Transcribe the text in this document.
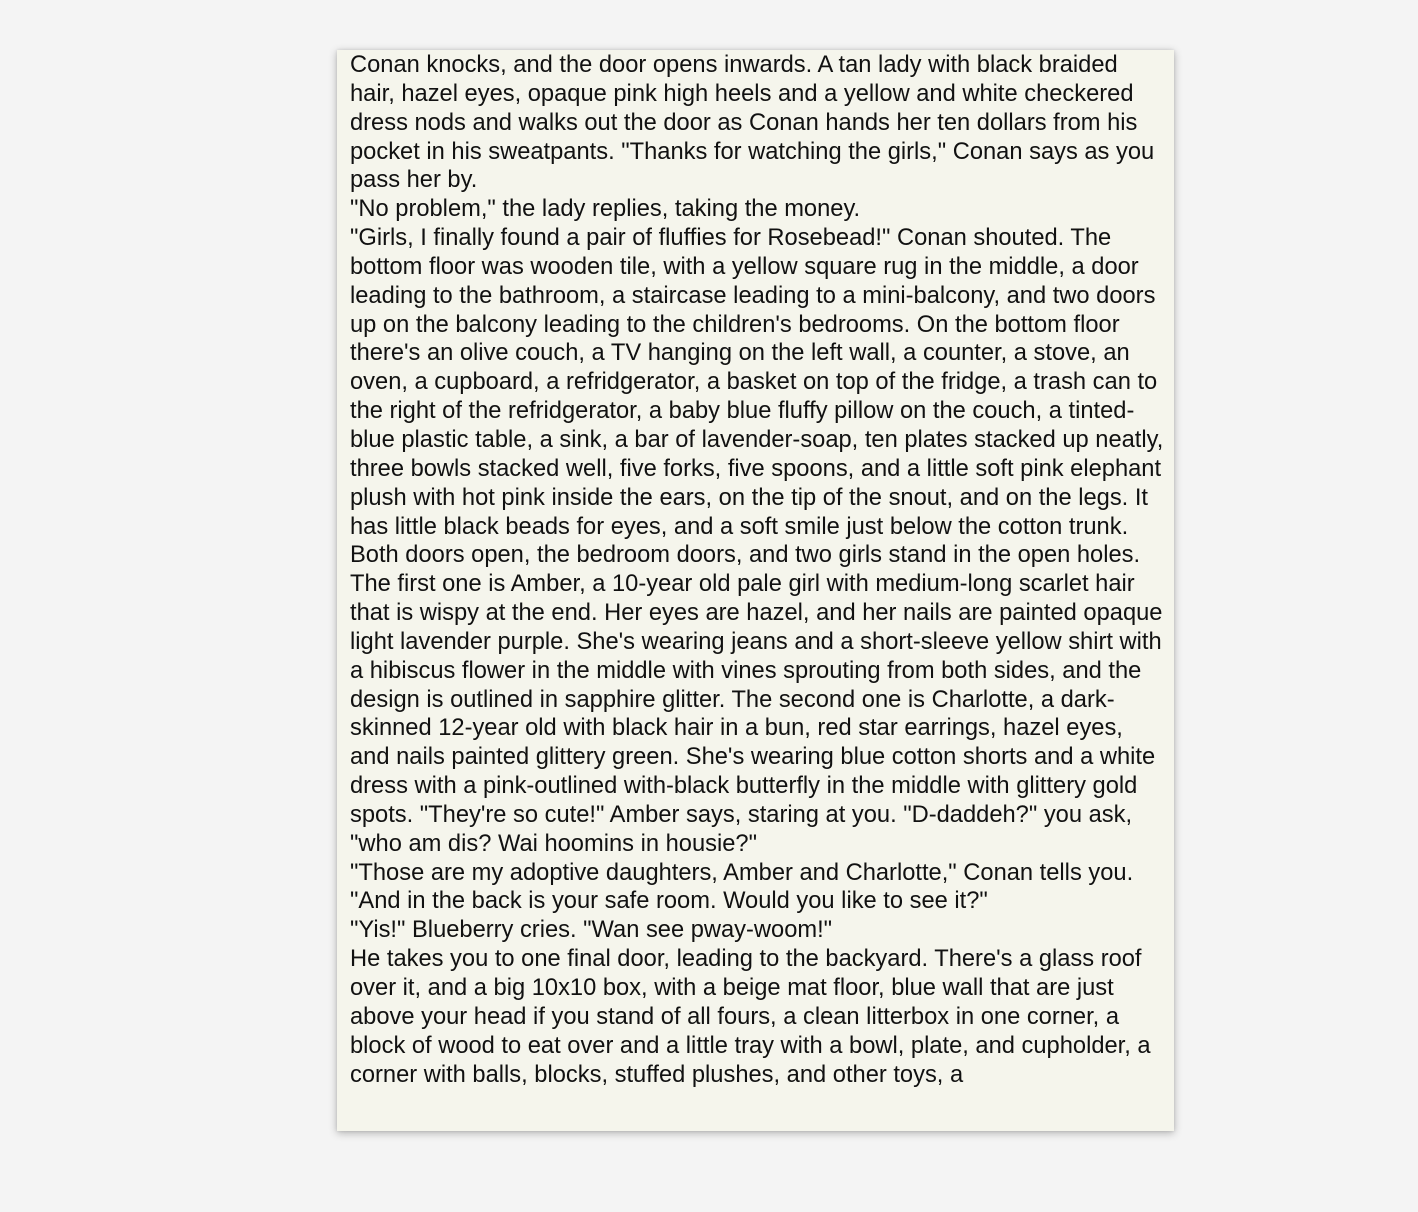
Conan knocks, and the door opens inwards. A tan lady with black braided hair, hazel eyes, opaque pink high heels and a yellow and white checkered dress nods and walks out the door as Conan hands her ten dollars from his pocket in his sweatpants. "Thanks for watching the girls," Conan says as you pass her by.

"No problem," the lady replies, taking the money.

"Girls, I finally found a pair of fluffies for Rosebead!" Conan shouted. The bottom floor was wooden tile, with a yellow square rug in the middle, a door leading to the bathroom, a staircase leading to a mini-balcony, and two doors up on the balcony leading to the children's bedrooms. On the bottom floor there's an olive couch, a TV hanging on the left wall, a counter, a stove, an oven, a cupboard, a refridgerator, a basket on top of the fridge, a trash can to the right of the refridgerator, a baby blue fluffy pillow on the couch, a tinted-blue plastic table, a sink, a bar of lavender-soap, ten plates stacked up neatly, three bowls stacked well, five forks, five spoons, and a little soft pink elephant plush with hot pink inside the ears, on the tip of the snout, and on the legs. It has little black beads for eyes, and a soft smile just below the cotton trunk. Both doors open, the bedroom doors, and two girls stand in the open holes. The first one is Amber, a 10-year old pale girl with medium-long scarlet hair that is wispy at the end. Her eyes are hazel, and her nails are painted opaque light lavender purple. She's wearing jeans and a short-sleeve yellow shirt with a hibiscus flower in the middle with vines sprouting from both sides, and the design is outlined in sapphire glitter. The second one is Charlotte, a dark-skinned 12-year old with black hair in a bun, red star earrings, hazel eyes, and nails painted glittery green. She's wearing blue cotton shorts and a white dress with a pink-outlined with-black butterfly in the middle with glittery gold spots. "They're so cute!" Amber says, staring at you. "D-daddeh?" you ask, "who am dis? Wai hoomins in housie?"

"Those are my adoptive daughters, Amber and Charlotte," Conan tells you. "And in the back is your safe room. Would you like to see it?"

"Yis!" Blueberry cries. "Wan see pway-woom!"

He takes you to one final door, leading to the backyard. There's a glass roof over it, and a big 10x10 box, with a beige mat floor, blue wall that are just above your head if you stand of all fours, a clean litterbox in one corner, a block of wood to eat over and a little tray with a bowl, plate, and cupholder, a corner with balls, blocks, stuffed plushes, and other toys, a
